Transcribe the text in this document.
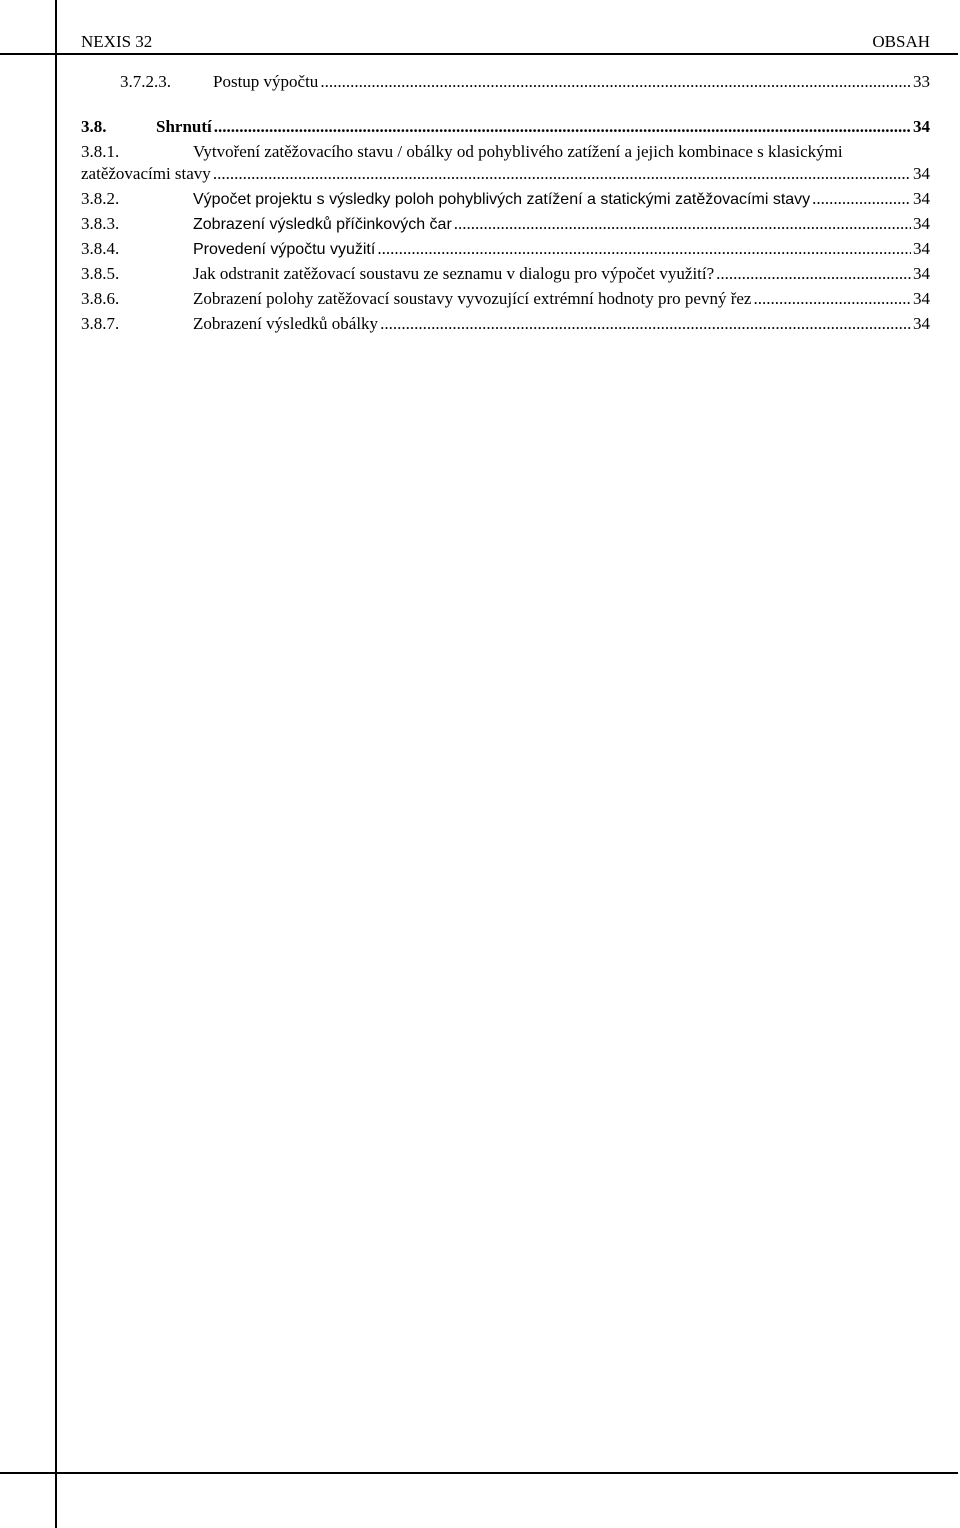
NEXIS 32	OBSAH
3.7.2.3. Postup výpočtu .....	33
3.8.	Shrnutí .....	34
3.8.1.	Vytvoření zatěžovacího stavu / obálky od pohyblivého zatížení a jejich kombinace s klasickými
zatěžovacími stavy .....	34
3.8.2.	Výpočet projektu s výsledky poloh pohyblivých zatížení a statickými zatěžovacími stavy .....	34
3.8.3.	Zobrazení výsledků příčinkových čar .....	34
3.8.4.	Provedení výpočtu využití .....	34
3.8.5.	Jak odstranit zatěžovací soustavu ze seznamu v dialogu pro výpočet využití? .....	34
3.8.6.	Zobrazení polohy zatěžovací soustavy vyvozující extrémní hodnoty pro pevný řez .....	34
3.8.7.	Zobrazení výsledků obálky .....	34
